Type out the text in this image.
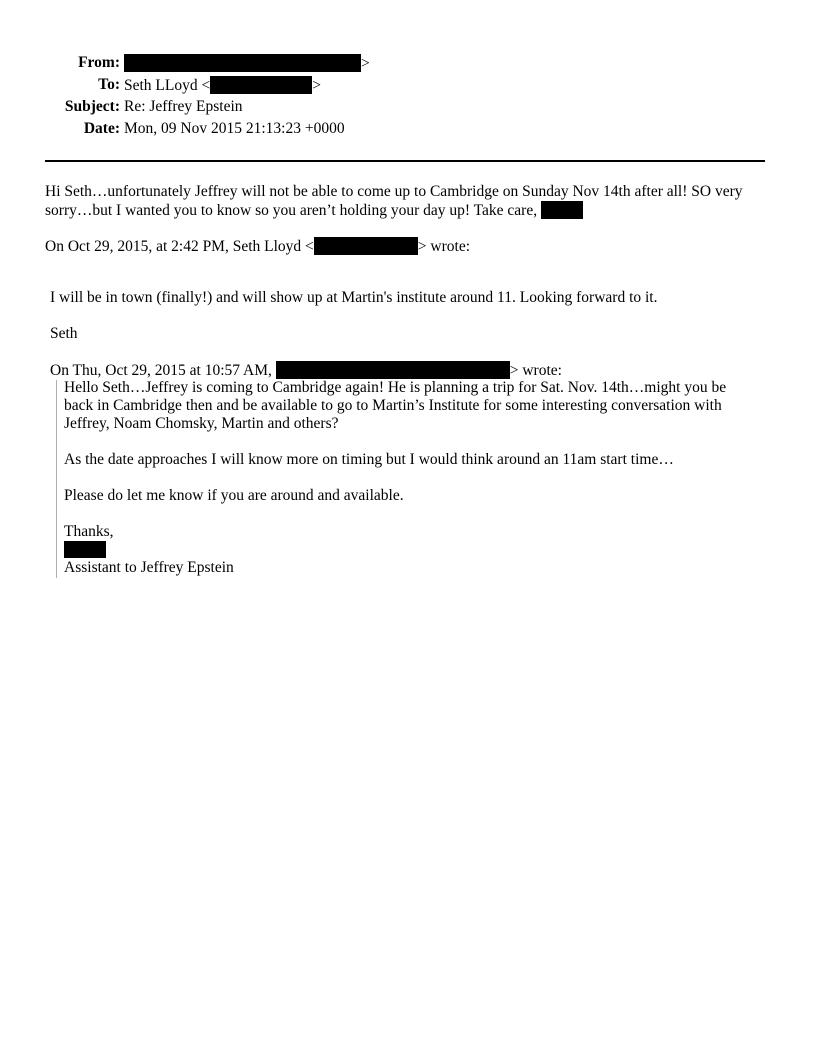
From:	>
To: Seth LLoyd <	>
Subject: Re: Jeffrey Epstein
Date: Mon, 09 Nov 2015 21:13:23 +0000
Hi Seth…unfortunately Jeffrey will not be able to come up to Cambridge on Sunday Nov 14th after all! SO very
sorry…but I wanted you to know so you aren’t holding your day up! Take care,
On Oct 29, 2015, at 2:42 PM, Seth Lloyd <	> wrote:
I will be in town (finally!) and will show up at Martin's institute around 11. Looking forward to it.
Seth
On Thu, Oct 29, 2015 at 10:57 AM,	> wrote:
Hello Seth…Jeffrey is coming to Cambridge again! He is planning a trip for Sat. Nov. 14th…might you be
back in Cambridge then and be available to go to Martin’s Institute for some interesting conversation with
Jeffrey, Noam Chomsky, Martin and others?
As the date approaches I will know more on timing but I would think around an 11am start time…
Please do let me know if you are around and available.
Thanks,
Assistant to Jeffrey Epstein
